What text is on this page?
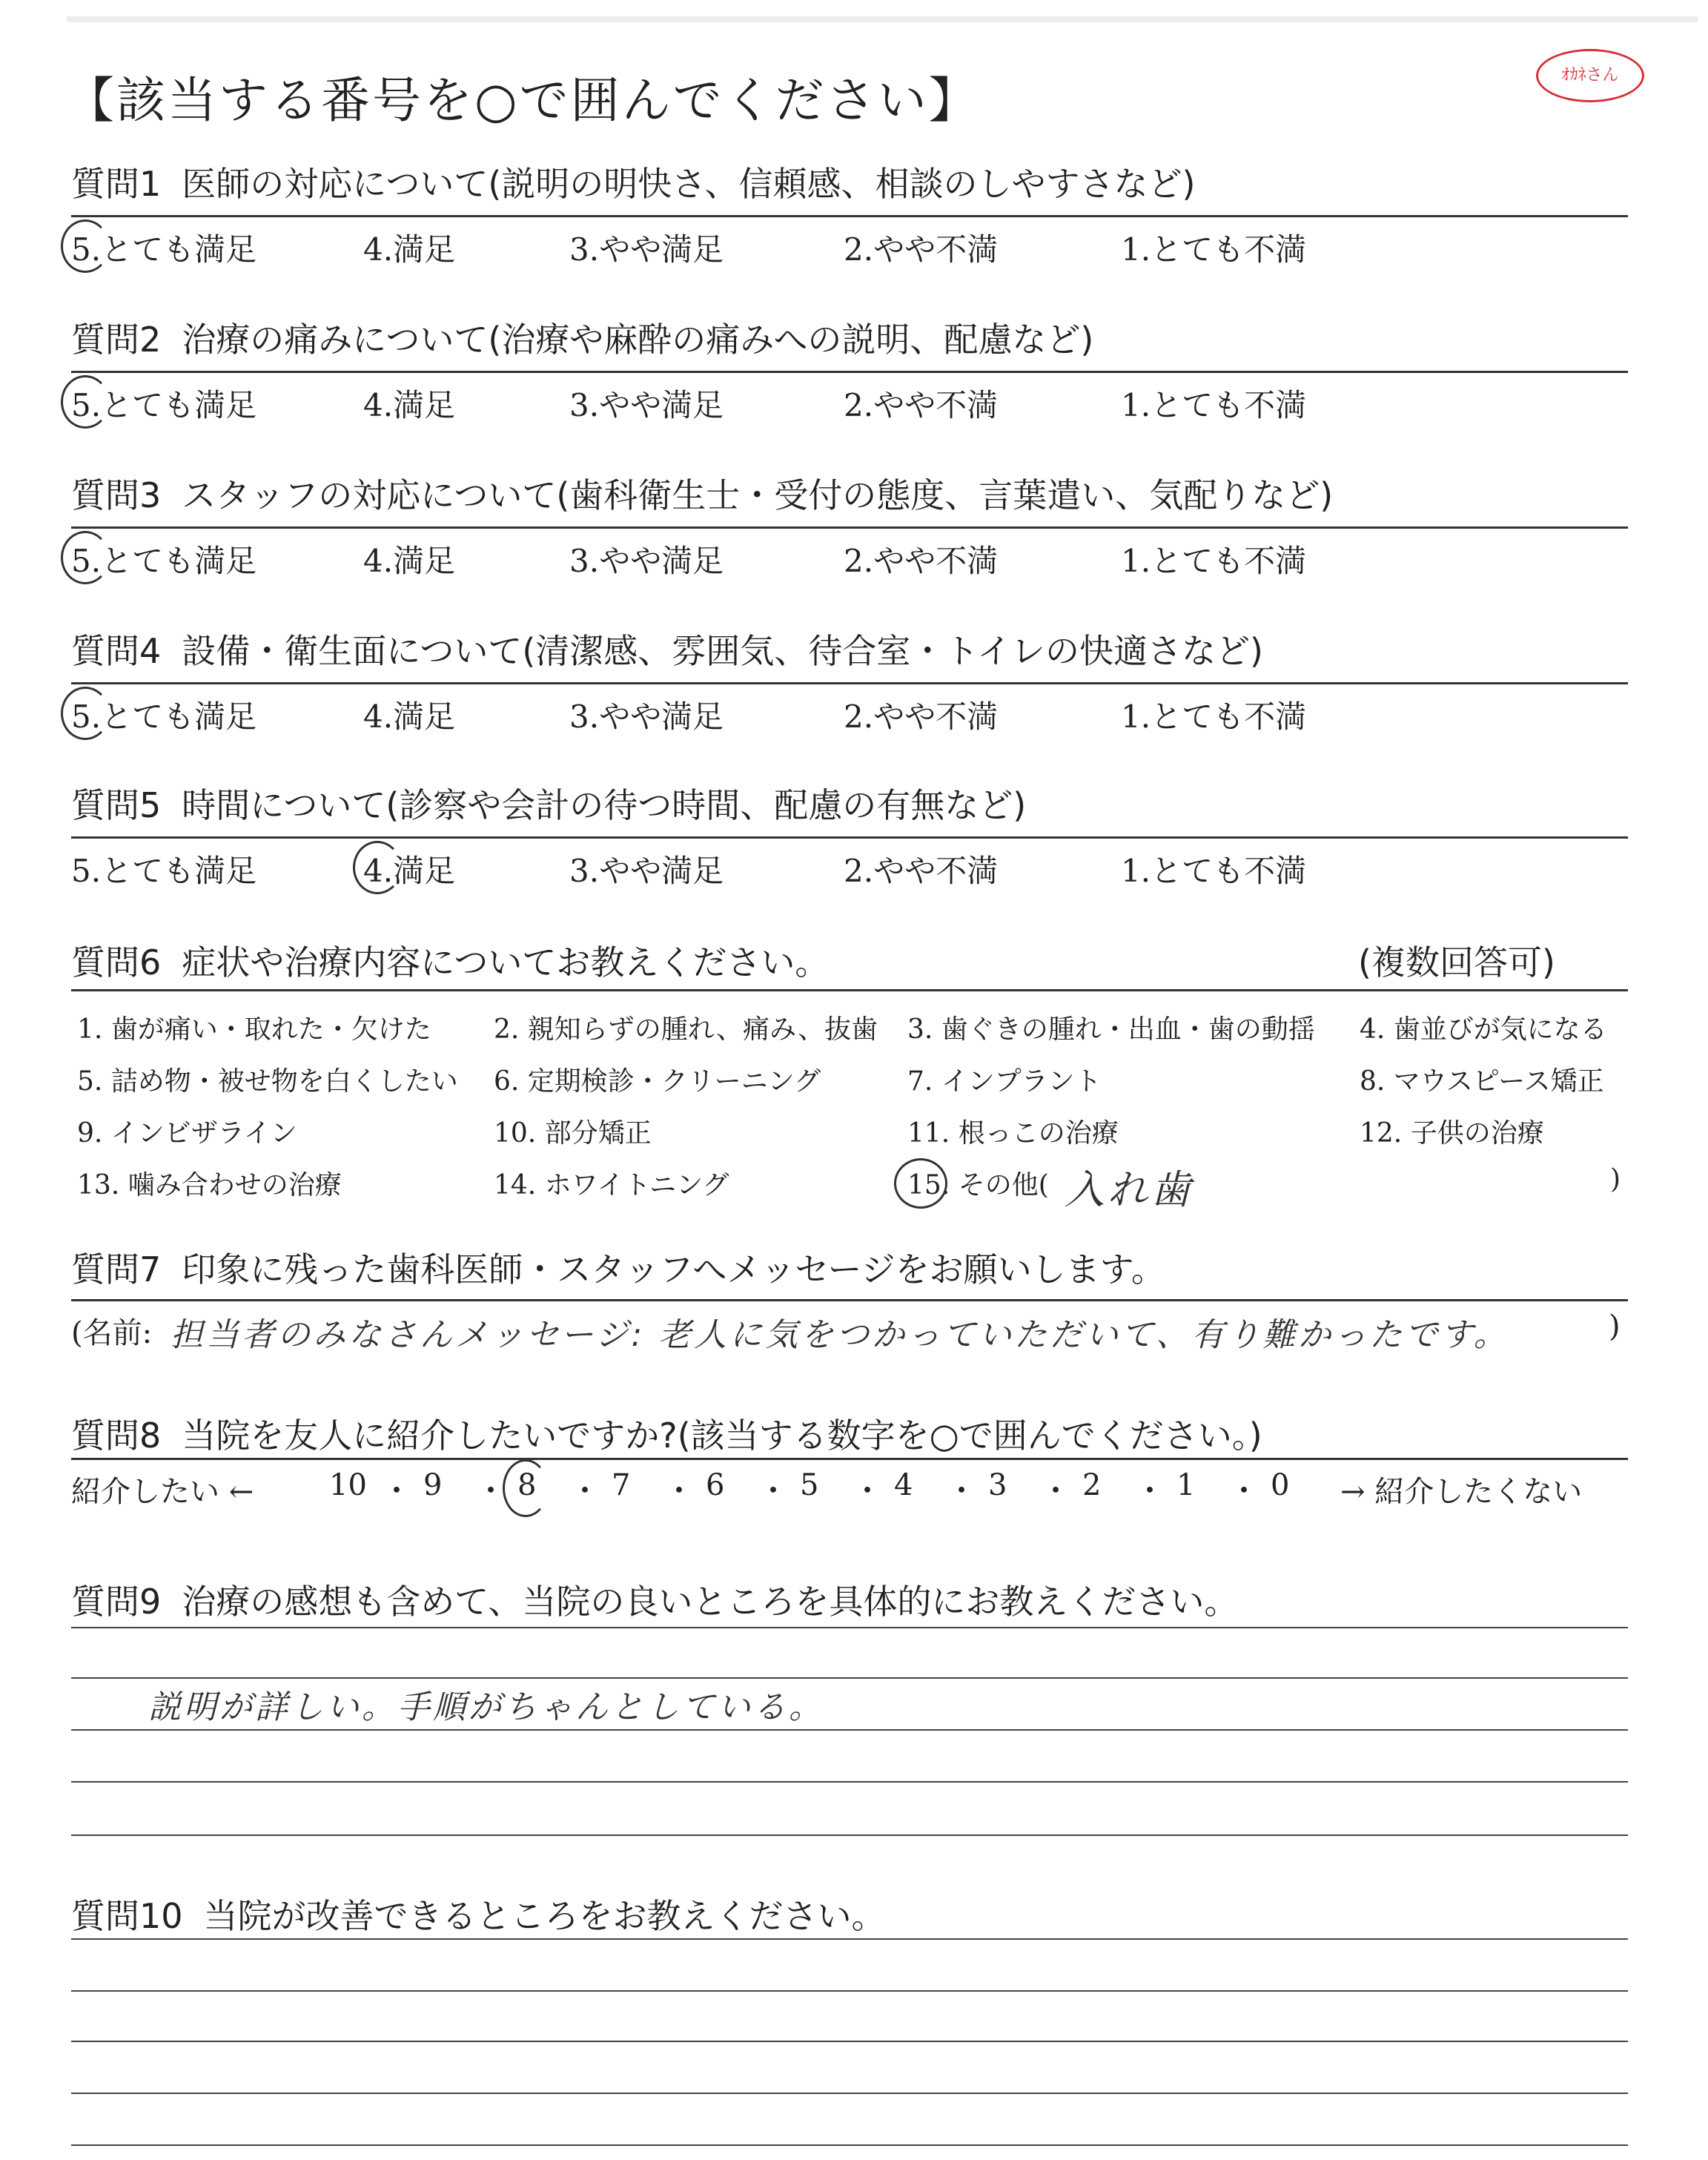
【該当する番号を○で囲んでください】	ｵｶﾈさん
質問1 医師の対応について(説明の明快さ、信頼感、相談のしやすさなど)
5.とても満足	4.満足	3.やや満足	2.やや不満	1.とても不満
質問2 治療の痛みについて(治療や麻酔の痛みへの説明、配慮など)
5.とても満足	4.満足	3.やや満足	2.やや不満	1.とても不満
質問3 スタッフの対応について(歯科衛生士・受付の態度、言葉遣い、気配りなど)
5.とても満足	4.満足	3.やや満足	2.やや不満	1.とても不満
質問4 設備・衛生面について(清潔感、雰囲気、待合室・トイレの快適さなど)
5.とても満足	4.満足	3.やや満足	2.やや不満	1.とても不満
質問5 時間について(診察や会計の待つ時間、配慮の有無など)
5.とても満足	4.満足	3.やや満足	2.やや不満	1.とても不満
質問6 症状や治療内容についてお教えください。	(複数回答可)
1. 歯が痛い・取れた・欠けた 2. 親知らずの腫れ、痛み、抜歯 3. 歯ぐきの腫れ・出血・歯の動揺 4. 歯並びが気になる
5. 詰め物・被せ物を白くしたい 6. 定期検診・クリーニング	7. インプラント	8. マウスピース矯正
9. インビザライン	10. 部分矯正	11. 根っこの治療	12. 子供の治療
13. 噛み合わせの治療	14. ホワイトニング	15. その他(	)
入れ歯
質問7 印象に残った歯科医師・スタッフへメッセージをお願いします。
(名前: 担当者のみなさんメッセージ: 老人に気をつかっていただいて、有り難かったです。	)
質問8 当院を友人に紹介したいですか?(該当する数字を○で囲んでください。)
紹介したい ←	→ 紹介したくない
10 ・ 9 ・ 8 ・ 7 ・ 6 ・ 5 ・ 4 ・ 3 ・ 2 ・ 1 ・ 0
質問9 治療の感想も含めて、当院の良いところを具体的にお教えください。
説明が詳しい。手順がちゃんとしている。
質問10 当院が改善できるところをお教えください。
